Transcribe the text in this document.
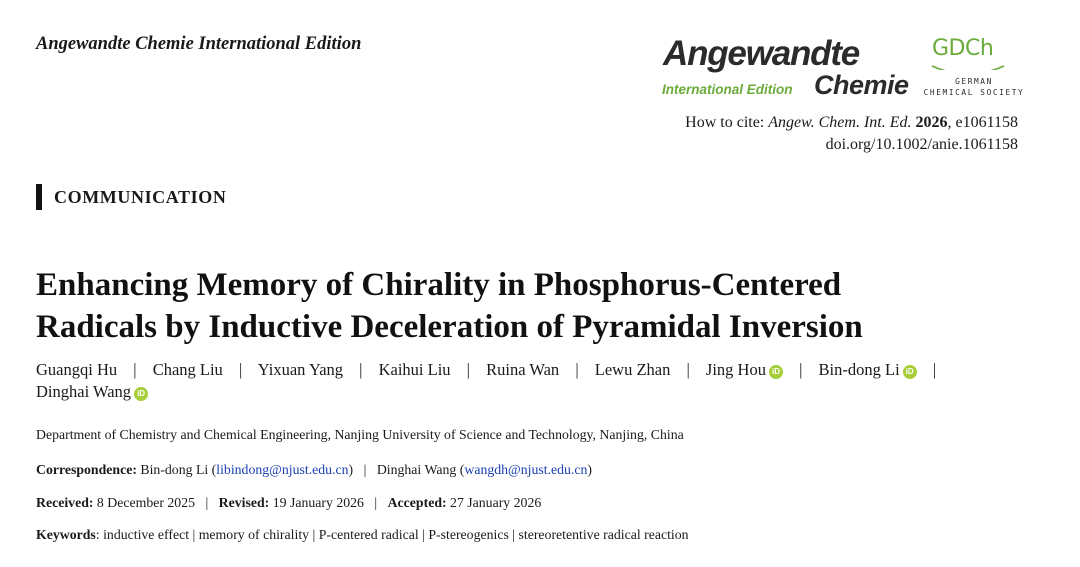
Angewandte Chemie International Edition	Angewandte
International Edition Chemie
GDCh
GERMAN
CHEMICAL SOCIETY
How to cite: Angew. Chem. Int. Ed. 2026, e1061158
doi.org/10.1002/anie.1061158
COMMUNICATION
Enhancing Memory of Chirality in Phosphorus-Centered
Radicals by Inductive Deceleration of Pyramidal Inversion
Guangqi Hu | Chang Liu | Yixuan Yang | Kaihui Liu | Ruina Wan | Lewu Zhan | Jing Hou iD | Bin-dong Li iD | Dinghai Wang iD
Department of Chemistry and Chemical Engineering, Nanjing University of Science and Technology, Nanjing, China
Correspondence: Bin-dong Li (libindong@njust.edu.cn) | Dinghai Wang (wangdh@njust.edu.cn)
Received: 8 December 2025 | Revised: 19 January 2026 | Accepted: 27 January 2026
Keywords: inductive effect | memory of chirality | P-centered radical | P-stereogenics | stereoretentive radical reaction
